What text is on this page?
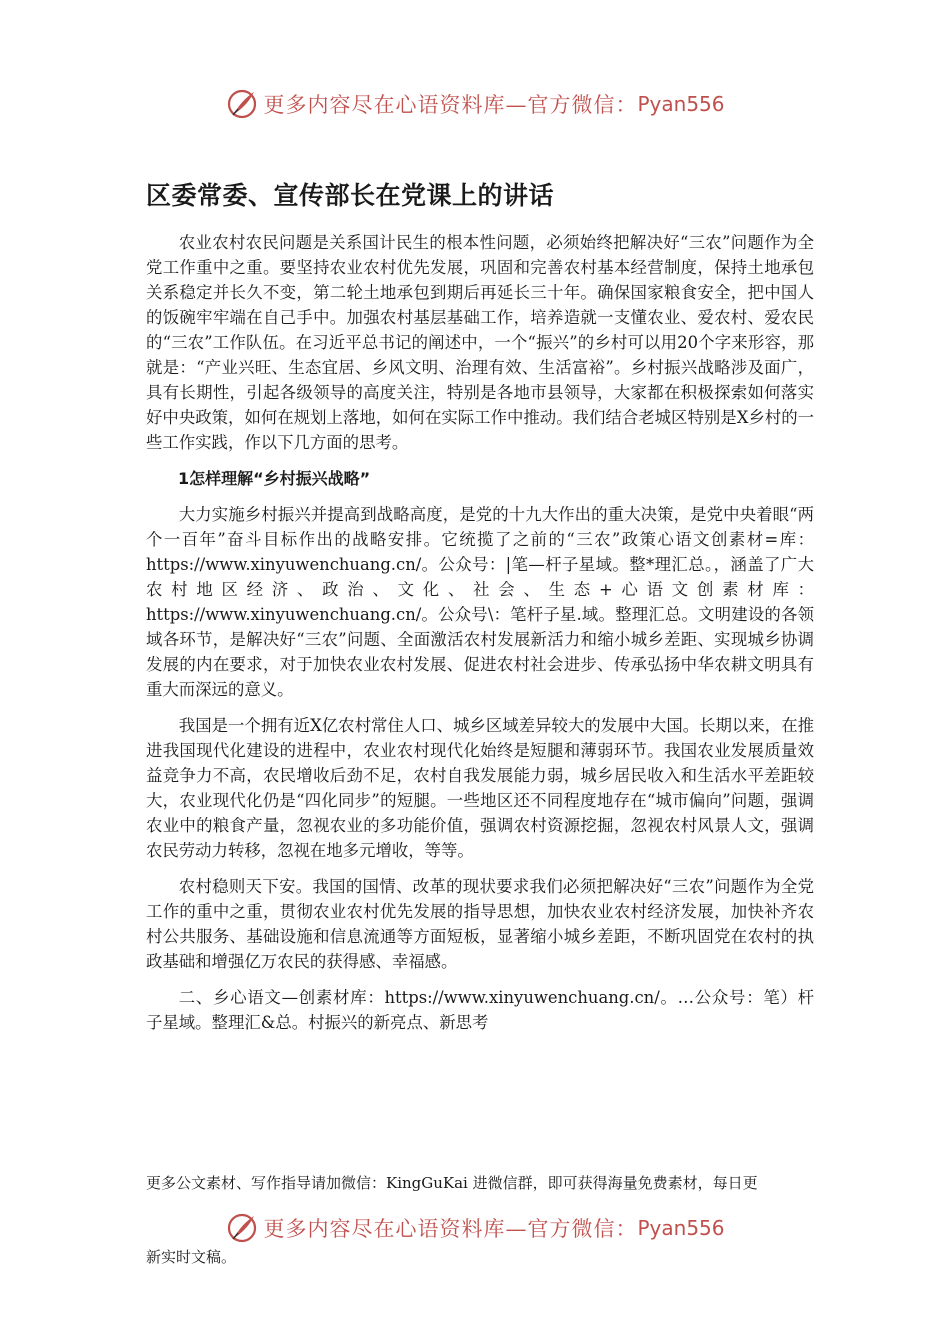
更多内容尽在心语资料库—官方微信： Pyan556
区委常委、宣传部长在党课上的讲话

农业农村农民问题是关系国计民生的根本性问题，必须始终把解决好“三农”问题作为全党工作重中之重。要坚持农业农村优先发展，巩固和完善农村基本经营制度，保持土地承包关系稳定并长久不变，第二轮土地承包到期后再延长三十年。确保国家粮食安全，把中国人的饭碗牢牢端在自己手中。加强农村基层基础工作，培养造就一支懂农业、爱农村、爱农民的“三农”工作队伍。在习近平总书记的阐述中，一个“振兴”的乡村可以用20个字来形容，那就是：“产业兴旺、生态宜居、乡风文明、治理有效、生活富裕”。乡村振兴战略涉及面广，具有长期性，引起各级领导的高度关注，特别是各地市县领导，大家都在积极探索如何落实好中央政策，如何在规划上落地，如何在实际工作中推动。我们结合老城区特别是X乡村的一些工作实践，作以下几方面的思考。

1怎样理解“乡村振兴战略”

大力实施乡村振兴并提高到战略高度，是党的十九大作出的重大决策，是党中央着眼“两个一百年”奋斗目标作出的战略安排。它统揽了之前的“三农”政策心语文创素材=库：https://www.xinyuwenchuang.cn/。公众号：|笔—杆子星域。整*理汇总。，涵盖了广大农村地区经济、政治、文化、社会、生态+心语文创素材库：https://www.xinyuwenchuang.cn/。公众号\：笔杆子星.域。整理汇总。文明建设的各领域各环节，是解决好“三农”问题、全面激活农村发展新活力和缩小城乡差距、实现城乡协调发展的内在要求，对于加快农业农村发展、促进农村社会进步、传承弘扬中华农耕文明具有重大而深远的意义。

我国是一个拥有近X亿农村常住人口、城乡区域差异较大的发展中大国。长期以来，在推进我国现代化建设的进程中，农业农村现代化始终是短腿和薄弱环节。我国农业发展质量效益竞争力不高，农民增收后劲不足，农村自我发展能力弱，城乡居民收入和生活水平差距较大，农业现代化仍是“四化同步”的短腿。一些地区还不同程度地存在“城市偏向”问题，强调农业中的粮食产量，忽视农业的多功能价值，强调农村资源挖掘，忽视农村风景人文，强调农民劳动力转移，忽视在地多元增收，等等。

农村稳则天下安。我国的国情、改革的现状要求我们必须把解决好“三农”问题作为全党工作的重中之重，贯彻农业农村优先发展的指导思想，加快农业农村经济发展，加快补齐农村公共服务、基础设施和信息流通等方面短板，显著缩小城乡差距，不断巩固党在农村的执政基础和增强亿万农民的获得感、幸福感。

二、乡心语文—创素材库：https://www.xinyuwenchuang.cn/。…公众号：笔）杆子星域。整理汇&总。村振兴的新亮点、新思考

更多公文素材、写作指导请加微信：KingGuKai 进微信群，即可获得海量免费素材，每日更
更多内容尽在心语资料库—官方微信： Pyan556
新实时文稿。
